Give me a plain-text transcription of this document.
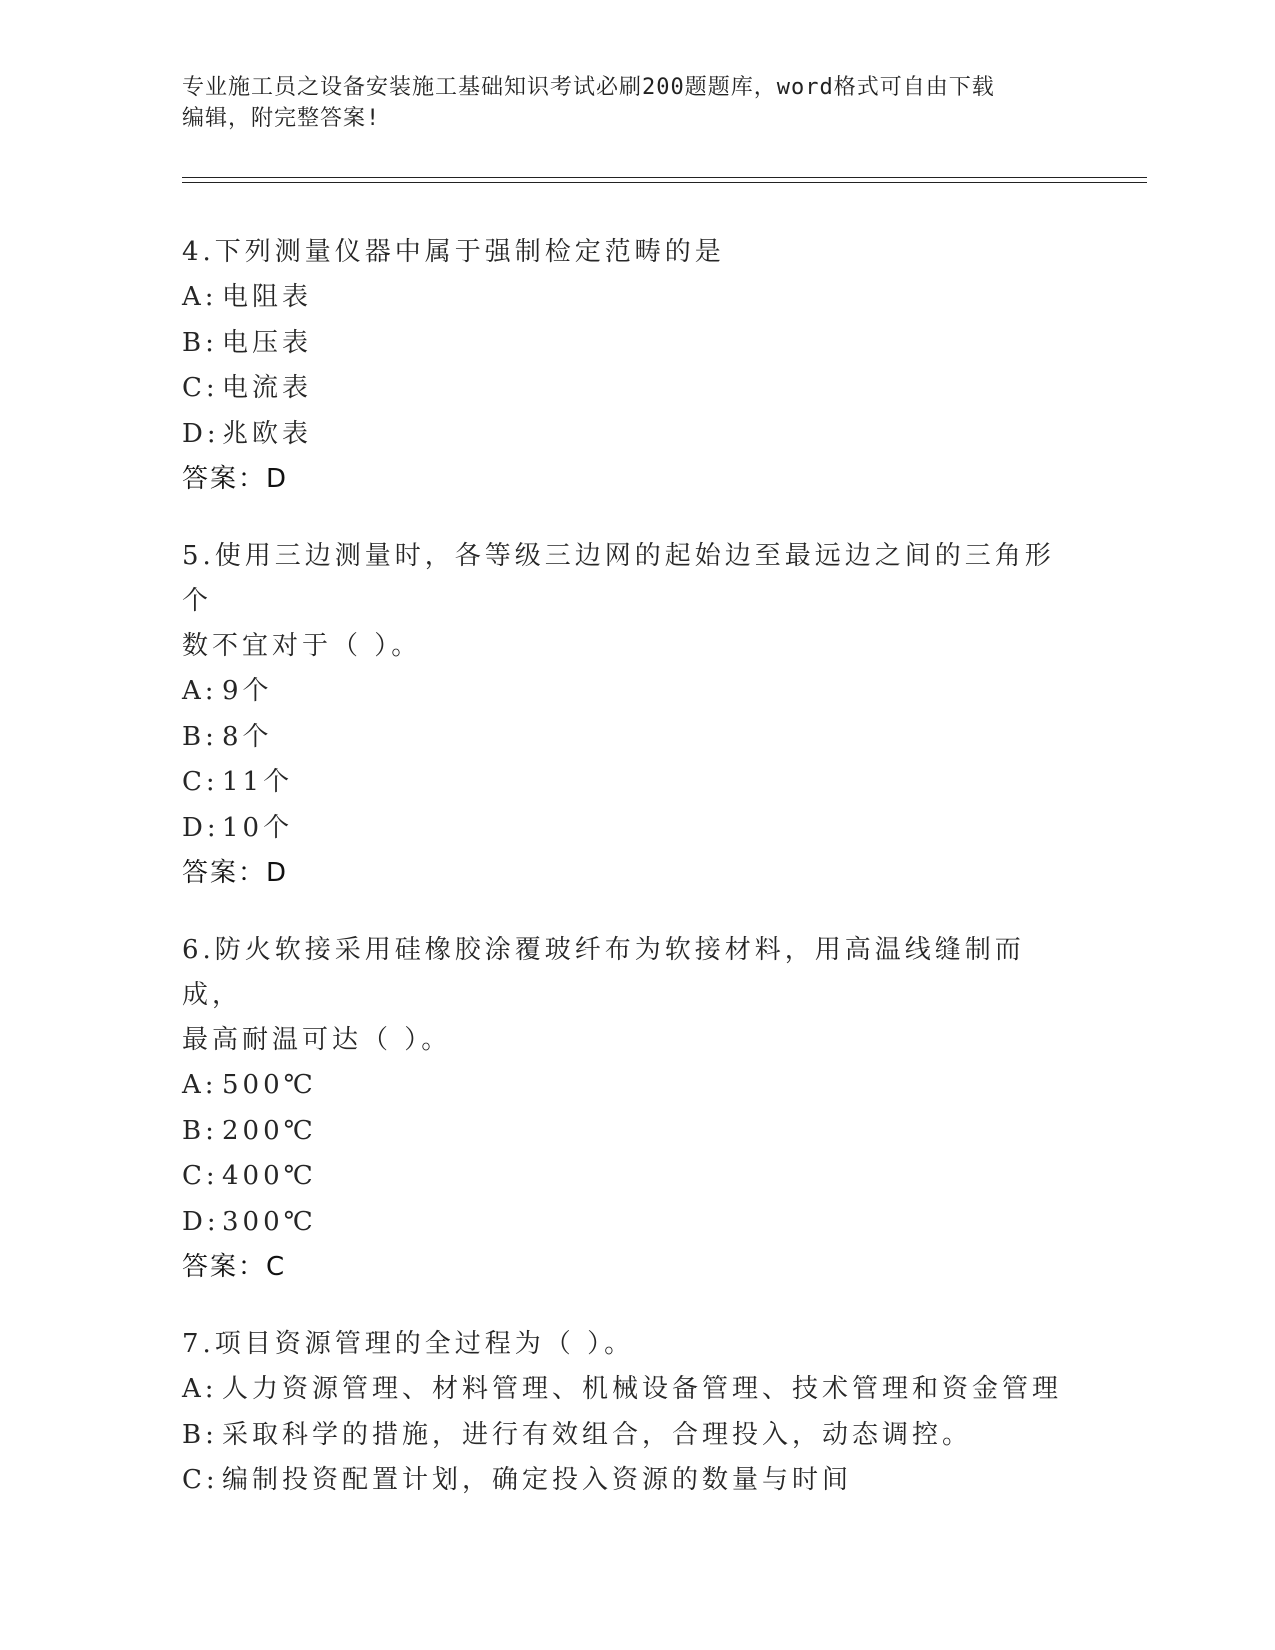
专业施工员之设备安装施工基础知识考试必刷200题题库，word格式可自由下载
编辑，附完整答案!
4.下列测量仪器中属于强制检定范畴的是
A: 电阻表
B: 电压表
C: 电流表
D:兆欧表
答案：D
5.使用三边测量时，各等级三边网的起始边至最远边之间的三角形个
数不宜对于（ ）。
A: 9个
B: 8个
C: 11个
D:10个
答案：D
6.防火软接采用硅橡胶涂覆玻纤布为软接材料，用高温线缝制而成，
最高耐温可达（ ）。
A: 500℃
B: 200℃
C: 400℃
D:300℃
答案：C
7.项目资源管理的全过程为（ ）。
A: 人力资源管理、材料管理、机械设备管理、技术管理和资金管理
B: 采取科学的措施，进行有效组合，合理投入，动态调控。
C: 编制投资配置计划，确定投入资源的数量与时间
